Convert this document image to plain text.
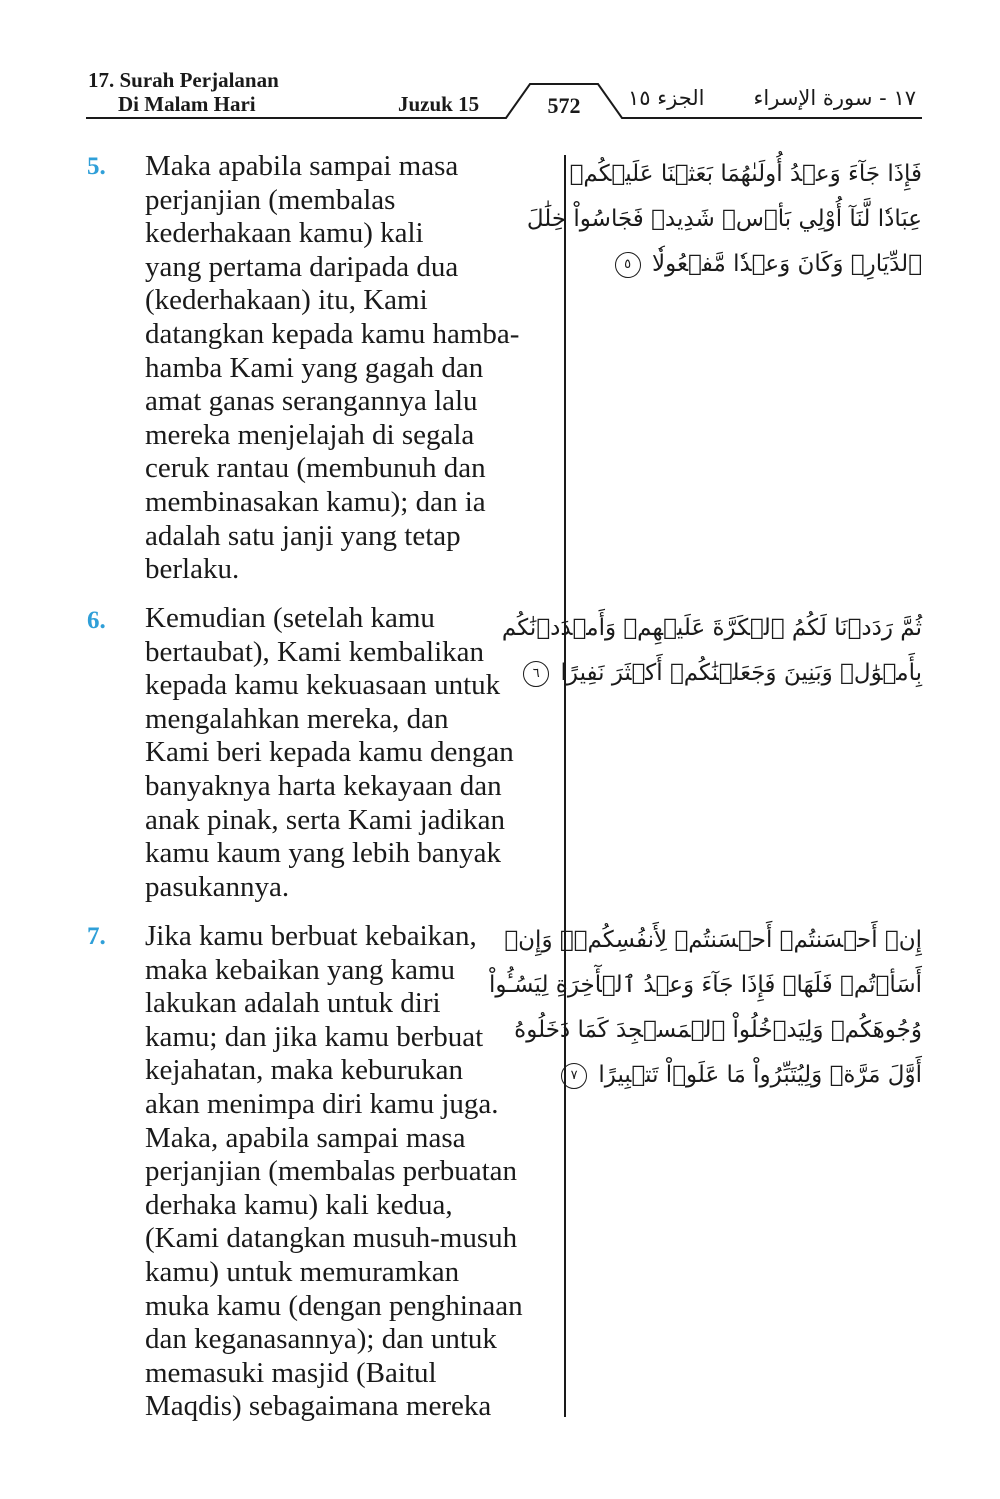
17. Surah Perjalanan
Di Malam Hari	Juzuk 15	572	الجزء ١٥ ١٧ - سورة الإسراء
5. Maka apabila sampai masa
perjanjian (membalas
kederhakaan kamu) kali
yang pertama daripada dua
(kederhakaan) itu, Kami
datangkan kepada kamu hamba-
hamba Kami yang gagah dan
amat ganas serangannya lalu
mereka menjelajah di segala
ceruk rantau (membunuh dan
membinasakan kamu); dan ia
adalah satu janji yang tetap
berlaku.
فَإِذَا جَآءَ وَعۡدُ أُولَىٰهُمَا بَعَثۡنَا عَلَيۡكُمۡ
عِبَادٗا لَّنَآ أُوْلِي بَأۡسٖ شَدِيدٖ فَجَاسُواْ خِلَٰلَ
ٱلدِّيَارِۚ وَكَانَ وَعۡدٗا مَّفۡعُولٗا ٥
6. Kemudian (setelah kamu
bertaubat), Kami kembalikan
kepada kamu kekuasaan untuk
mengalahkan mereka, dan
Kami beri kepada kamu dengan
banyaknya harta kekayaan dan
anak pinak, serta Kami jadikan
kamu kaum yang lebih banyak
pasukannya.
ثُمَّ رَدَدۡنَا لَكُمُ ٱلۡكَرَّةَ عَلَيۡهِمۡ وَأَمۡدَدۡنَٰكُم
بِأَمۡوَٰلٖ وَبَنِينَ وَجَعَلۡنَٰكُمۡ أَكۡثَرَ نَفِيرًا ٦
7. Jika kamu berbuat kebaikan,
maka kebaikan yang kamu
lakukan adalah untuk diri
kamu; dan jika kamu berbuat
kejahatan, maka keburukan
akan menimpa diri kamu juga.
Maka, apabila sampai masa
perjanjian (membalas perbuatan
derhaka kamu) kali kedua,
(Kami datangkan musuh-musuh
kamu) untuk memuramkan
muka kamu (dengan penghinaan
dan keganasannya); dan untuk
memasuki masjid (Baitul
Maqdis) sebagaimana mereka
إِنۡ أَحۡسَنتُمۡ أَحۡسَنتُمۡ لِأَنفُسِكُمۡۖ وَإِنۡ
أَسَأۡتُمۡ فَلَهَاۚ فَإِذَا جَآءَ وَعۡدُ ٱلۡأٓخِرَةِ لِيَسُـُٔواْ
وُجُوهَكُمۡ وَلِيَدۡخُلُواْ ٱلۡمَسۡجِدَ كَمَا دَخَلُوهُ
أَوَّلَ مَرَّةٖ وَلِيُتَبِّرُواْ مَا عَلَوۡاْ تَتۡبِيرًا ٧
